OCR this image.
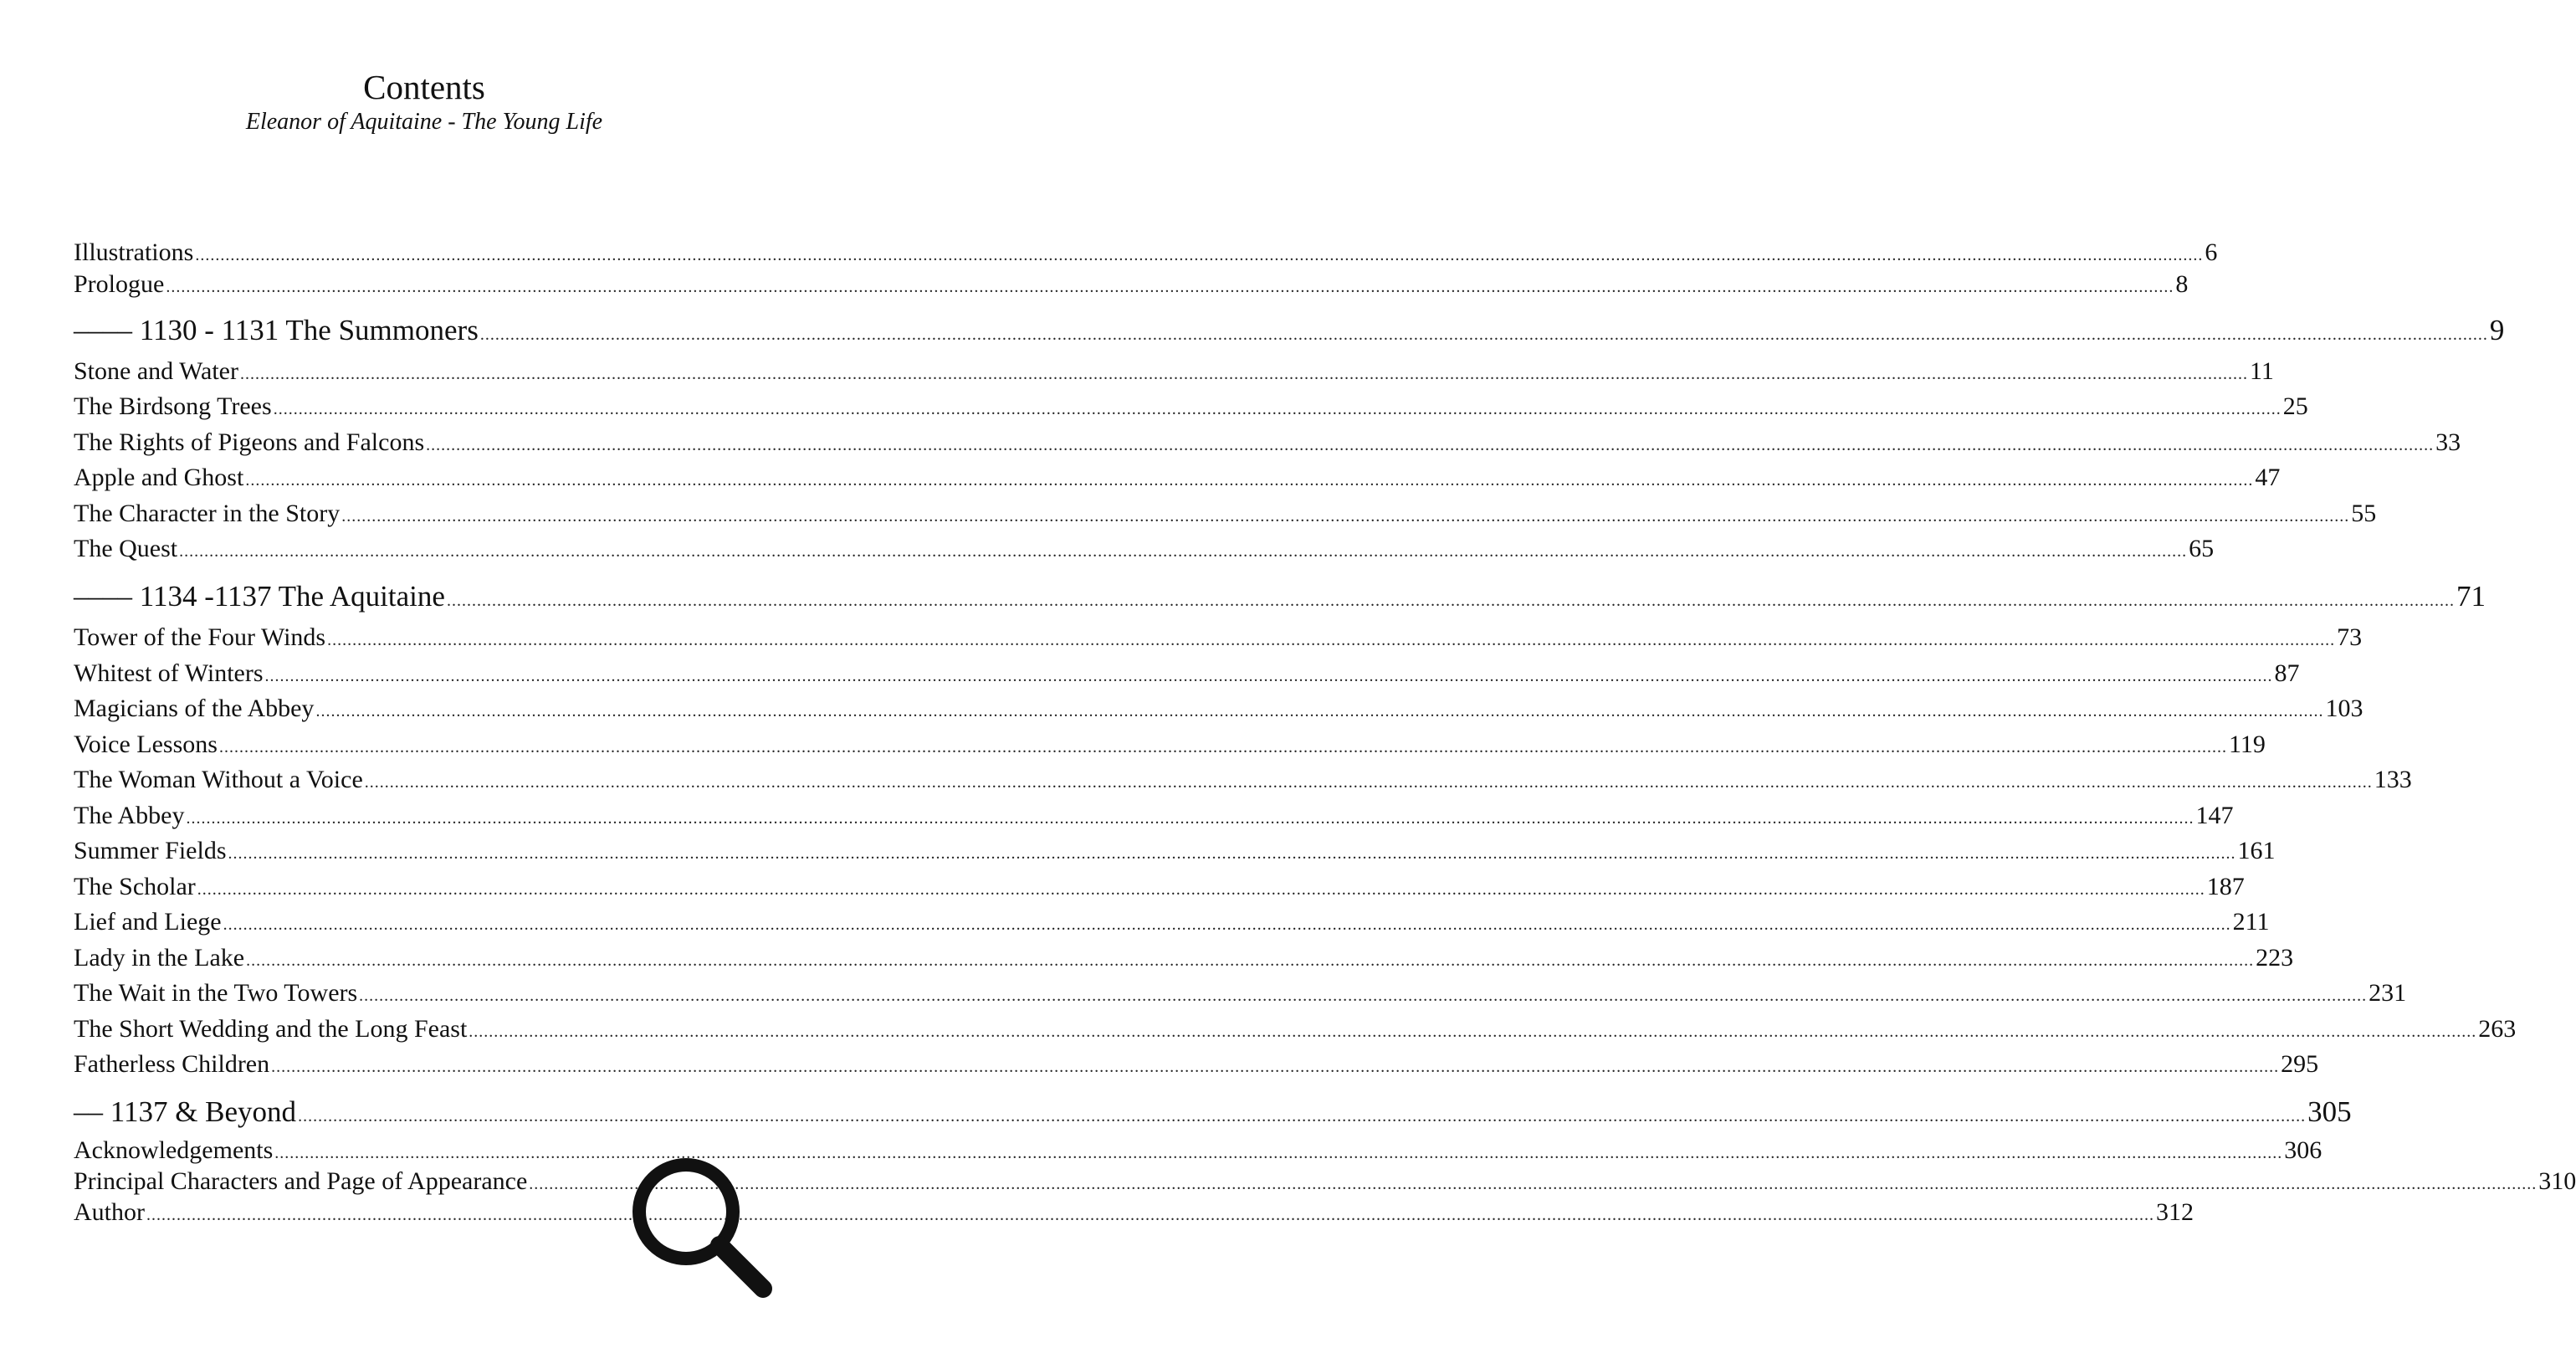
Contents
Eleanor of Aquitaine - The Young Life
Illustrations ................................................................................................................................................................................................................................................................................................................................................................................................................ 6
Prologue ................................................................................................................................................................................................................................................................................................................................................................................................................ 8
–––– 1130 - 1131 The Summoners ................................................................................................................................................................................................................................................................................................................................................................................................................ 9
Stone and Water ................................................................................................................................................................................................................................................................................................................................................................................................................ 11
The Birdsong Trees ................................................................................................................................................................................................................................................................................................................................................................................................................ 25
The Rights of Pigeons and Falcons ................................................................................................................................................................................................................................................................................................................................................................................................................ 33
Apple and Ghost ................................................................................................................................................................................................................................................................................................................................................................................................................ 47
The Character in the Story ................................................................................................................................................................................................................................................................................................................................................................................................................ 55
The Quest ................................................................................................................................................................................................................................................................................................................................................................................................................ 65
–––– 1134 -1137 The Aquitaine ................................................................................................................................................................................................................................................................................................................................................................................................................ 71
Tower of the Four Winds ................................................................................................................................................................................................................................................................................................................................................................................................................ 73
Whitest of Winters ................................................................................................................................................................................................................................................................................................................................................................................................................ 87
Magicians of the Abbey ................................................................................................................................................................................................................................................................................................................................................................................................................ 103
Voice Lessons ................................................................................................................................................................................................................................................................................................................................................................................................................ 119
The Woman Without a Voice ................................................................................................................................................................................................................................................................................................................................................................................................................ 133
The Abbey ................................................................................................................................................................................................................................................................................................................................................................................................................ 147
Summer Fields ................................................................................................................................................................................................................................................................................................................................................................................................................ 161
The Scholar ................................................................................................................................................................................................................................................................................................................................................................................................................ 187
Lief and Liege ................................................................................................................................................................................................................................................................................................................................................................................................................ 211
Lady in the Lake ................................................................................................................................................................................................................................................................................................................................................................................................................ 223
The Wait in the Two Towers ................................................................................................................................................................................................................................................................................................................................................................................................................ 231
The Short Wedding and the Long Feast ................................................................................................................................................................................................................................................................................................................................................................................................................ 263
Fatherless Children ................................................................................................................................................................................................................................................................................................................................................................................................................ 295
–– 1137 & Beyond ................................................................................................................................................................................................................................................................................................................................................................................................................ 305
Acknowledgements ................................................................................................................................................................................................................................................................................................................................................................................................................ 306
Principal Characters and Page of Appearance ................................................................................................................................................................................................................................................................................................................................................................................................................ 310
Author ................................................................................................................................................................................................................................................................................................................................................................................................................ 312
